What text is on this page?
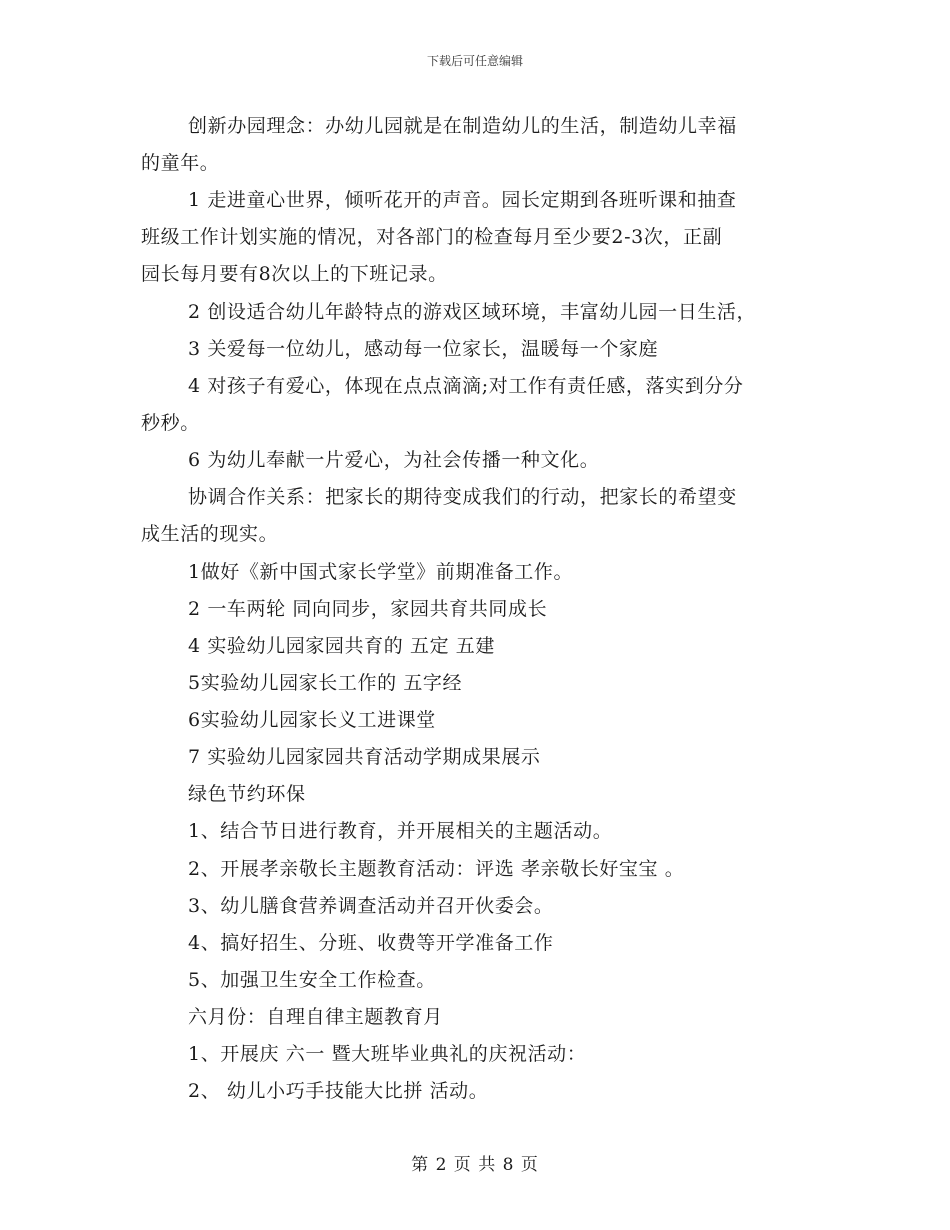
下载后可任意编辑
创新办园理念：办幼儿园就是在制造幼儿的生活，制造幼儿幸福
的童年。
1 走进童心世界，倾听花开的声音。园长定期到各班听课和抽查
班级工作计划实施的情况，对各部门的检查每月至少要2-3次，正副
园长每月要有8次以上的下班记录。
2 创设适合幼儿年龄特点的游戏区域环境，丰富幼儿园一日生活，
3 关爱每一位幼儿，感动每一位家长，温暖每一个家庭
4 对孩子有爱心，体现在点点滴滴;对工作有责任感，落实到分分
秒秒。
6 为幼儿奉献一片爱心，为社会传播一种文化。
协调合作关系：把家长的期待变成我们的行动，把家长的希望变
成生活的现实。
1做好《新中国式家长学堂》前期准备工作。
2 一车两轮 同向同步，家园共育共同成长
4 实验幼儿园家园共育的 五定 五建
5实验幼儿园家长工作的 五字经
6实验幼儿园家长义工进课堂
7 实验幼儿园家园共育活动学期成果展示
绿色节约环保
1、结合节日进行教育，并开展相关的主题活动。
2、开展孝亲敬长主题教育活动：评选 孝亲敬长好宝宝 。
3、幼儿膳食营养调查活动并召开伙委会。
4、搞好招生、分班、收费等开学准备工作
5、加强卫生安全工作检查。
六月份：自理自律主题教育月
1、开展庆 六一 暨大班毕业典礼的庆祝活动：
2、 幼儿小巧手技能大比拼 活动。
第 2 页 共 8 页
